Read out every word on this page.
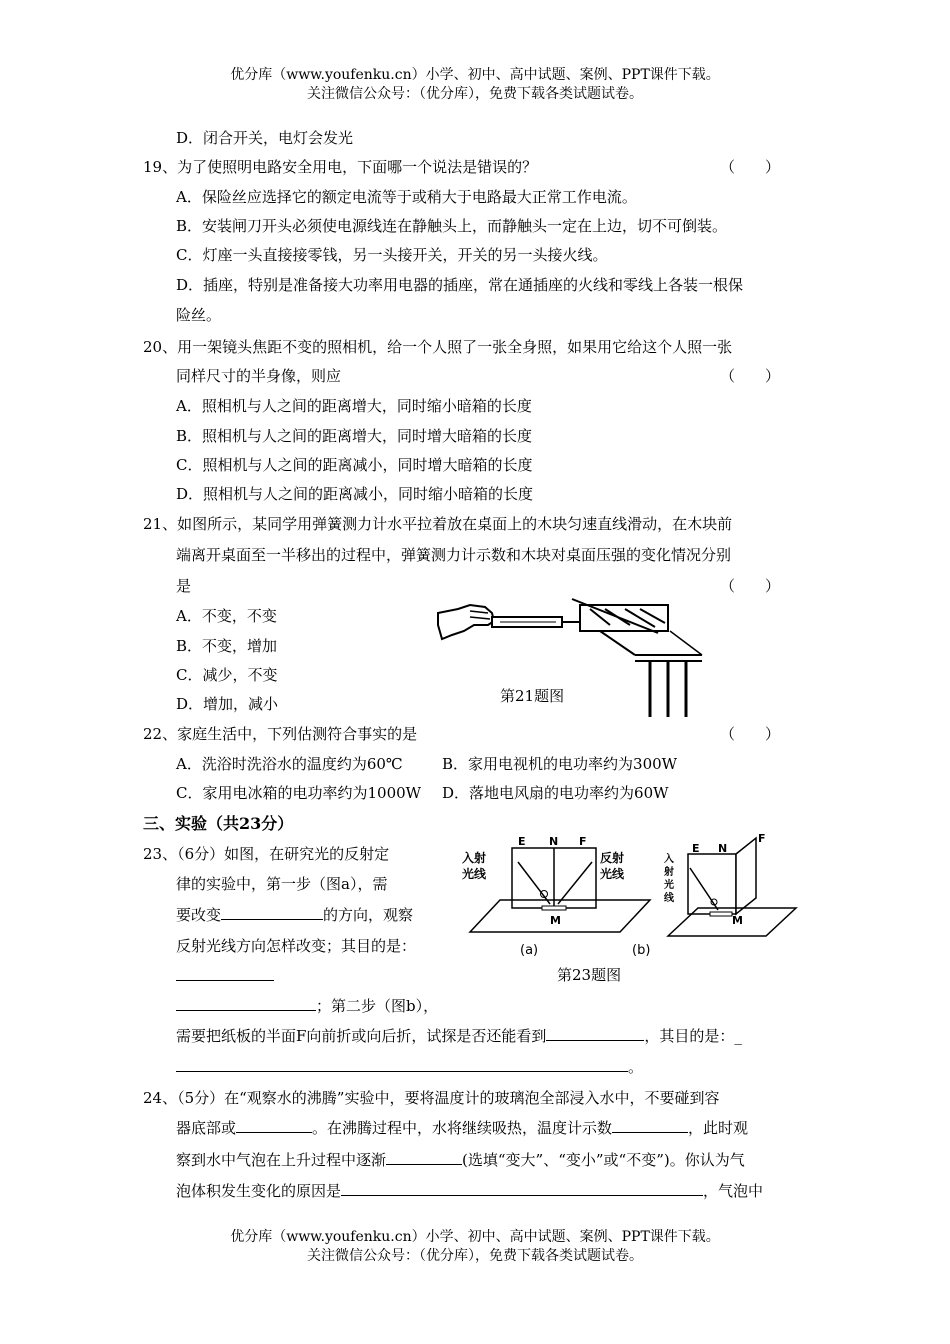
优分库（www.youfenku.cn）小学、初中、高中试题、案例、PPT课件下载。
关注微信公众号：（优分库），免费下载各类试题试卷。
D．闭合开关，电灯会发光
19、为了使照明电路安全用电，下面哪一个说法是错误的？	（　　）
A．保险丝应选择它的额定电流等于或稍大于电路最大正常工作电流。
B．安装闸刀开头必须使电源线连在静触头上，而静触头一定在上边，切不可倒装。
C．灯座一头直接接零钱，另一头接开关，开关的另一头接火线。
D．插座，特别是准备接大功率用电器的插座，常在通插座的火线和零线上各装一根保
险丝。
20、用一架镜头焦距不变的照相机，给一个人照了一张全身照，如果用它给这个人照一张
同样尺寸的半身像，则应	（　　）
A．照相机与人之间的距离增大，同时缩小暗箱的长度
B．照相机与人之间的距离增大，同时增大暗箱的长度
C．照相机与人之间的距离减小，同时增大暗箱的长度
D．照相机与人之间的距离减小，同时缩小暗箱的长度
21、如图所示，某同学用弹簧测力计水平拉着放在桌面上的木块匀速直线滑动，在木块前
端离开桌面至一半移出的过程中，弹簧测力计示数和木块对桌面压强的变化情况分别
是	（　　）
A．不变，不变
B．不变，增加
C．减少，不变
D．增加，减小	第21题图
22、家庭生活中，下列估测符合事实的是	（　　）
A．洗浴时洗浴水的温度约为60℃	B．家用电视机的电功率约为300W
C．家用电冰箱的电功率约为1000W D．落地电风扇的电功率约为60W
三、实验（共23分）
23、（6分）如图，在研究光的反射定
律的实验中，第一步（图a），需
要改变	的方向，观察
反射光线方向怎样改变；其目的是：
；第二步（图b），
需要把纸板的半面F向前折或向后折，试探是否还能看到	，其目的是：_
。
E N F
M
入射光线
反射光线
(a)
E N
F
M
入射光线
(b)
第23题图
24、（5分）在“观察水的沸腾”实验中，要将温度计的玻璃泡全部浸入水中，不要碰到容
器底部或	。在沸腾过程中，水将继续吸热，温度计示数	，此时观
察到水中气泡在上升过程中逐渐	(选填“变大”、“变小”或“不变”)。你认为气
泡体积发生变化的原因是	，气泡中
优分库（www.youfenku.cn）小学、初中、高中试题、案例、PPT课件下载。
关注微信公众号：（优分库），免费下载各类试题试卷。
